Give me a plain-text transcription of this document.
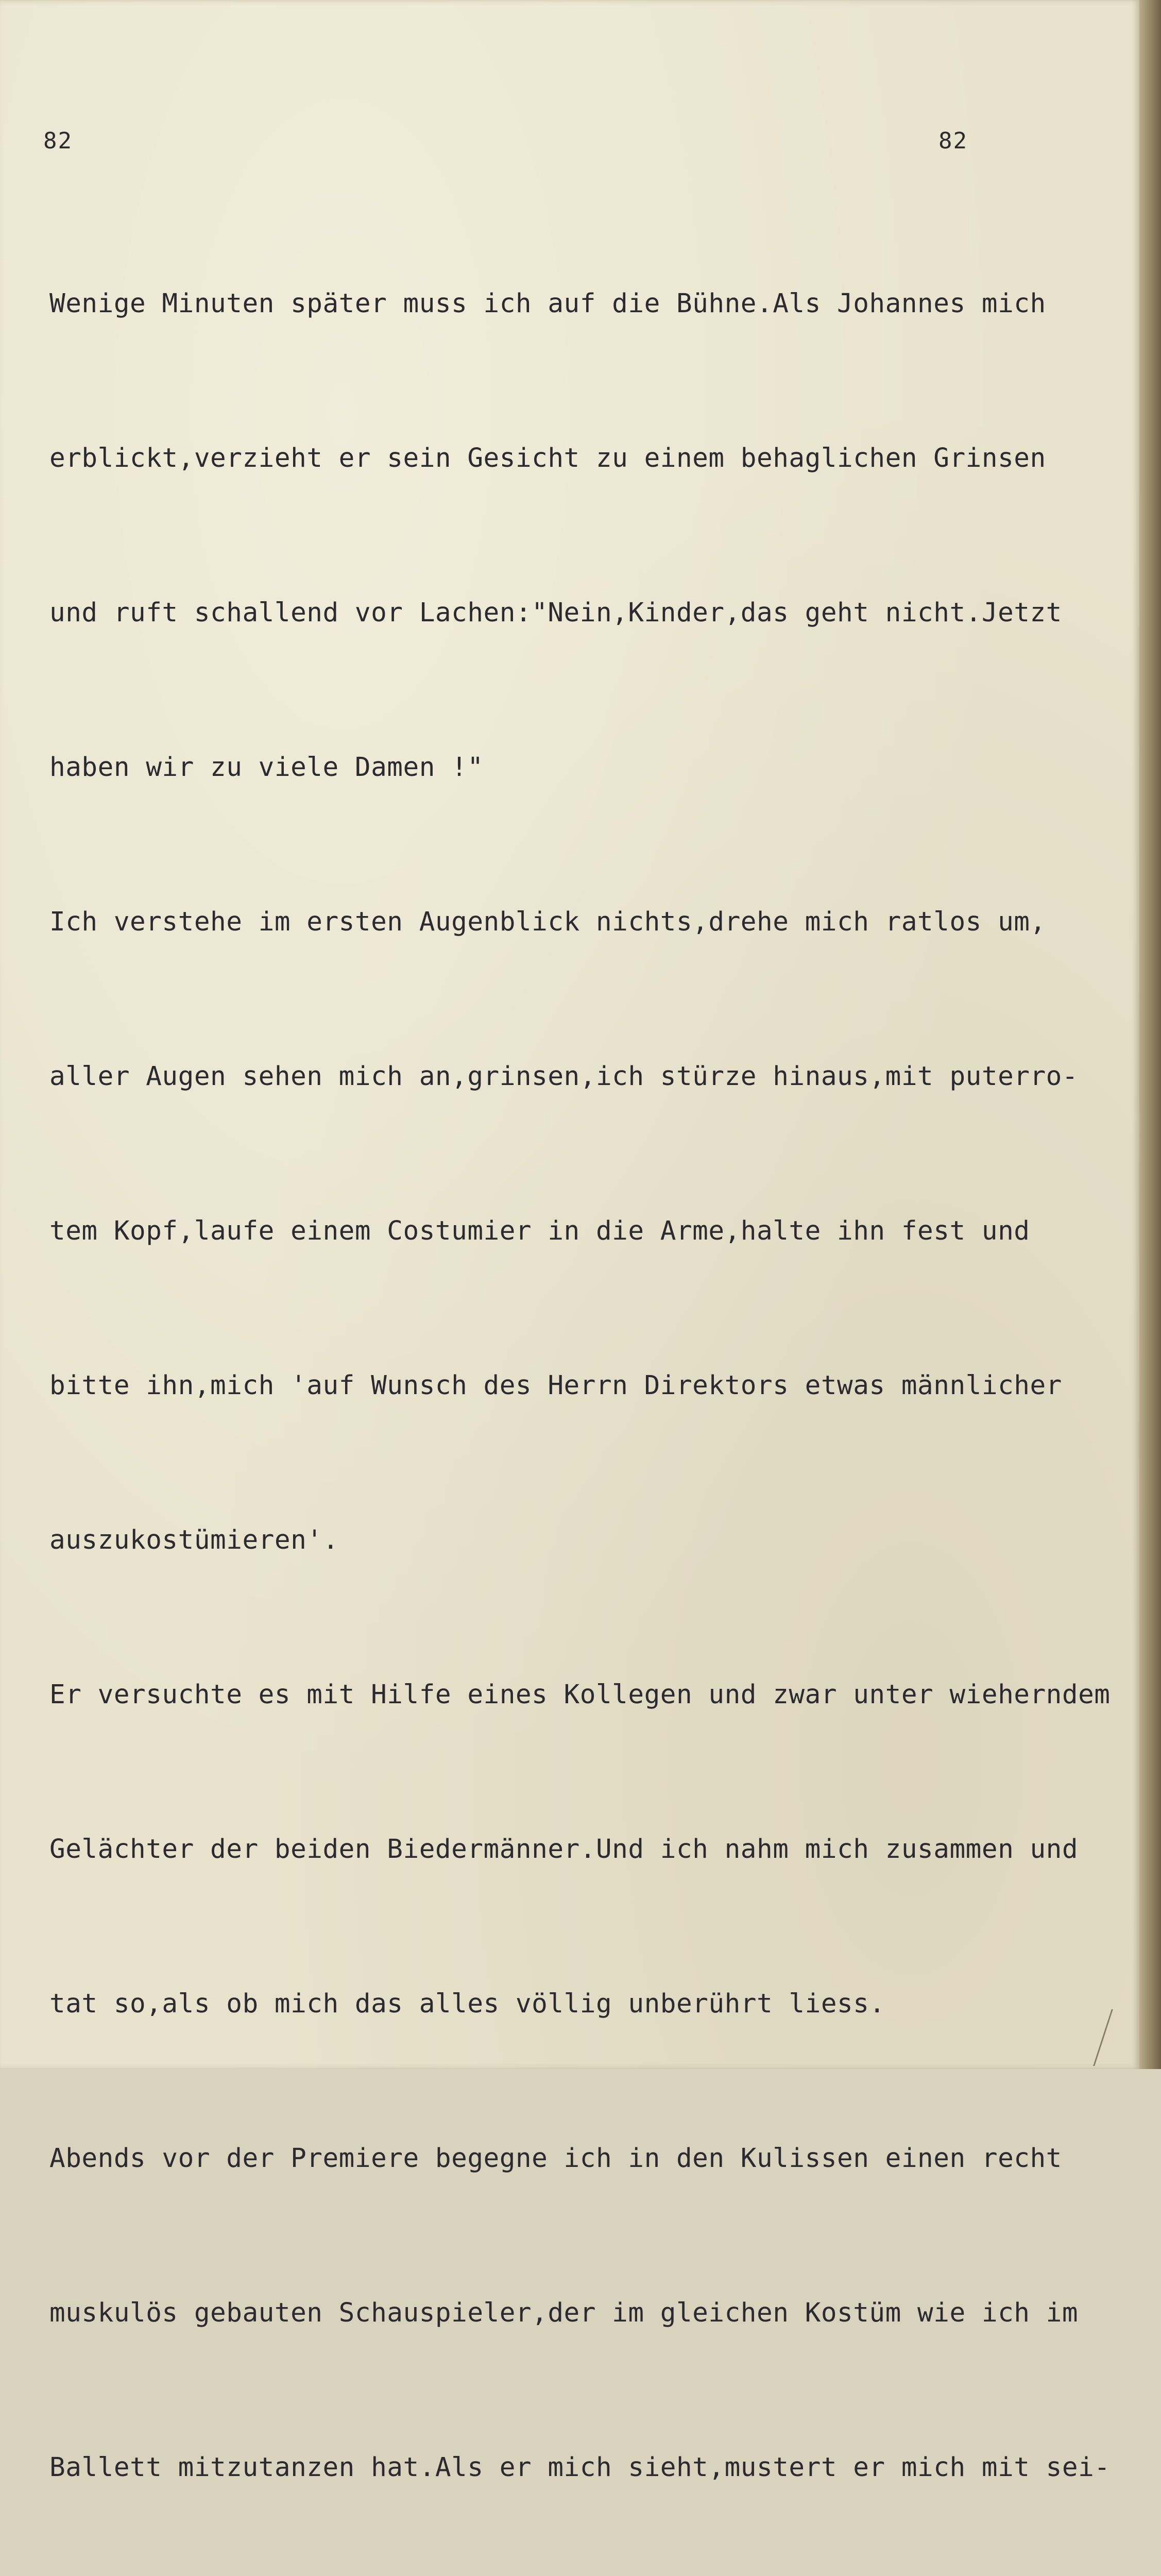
82	82

Wenige Minuten später muss ich auf die Bühne.Als Johannes mich

erblickt,verzieht er sein Gesicht zu einem behaglichen Grinsen

und ruft schallend vor Lachen:"Nein,Kinder,das geht nicht.Jetzt

haben wir zu viele Damen !"

Ich verstehe im ersten Augenblick nichts,drehe mich ratlos um,

aller Augen sehen mich an,grinsen,ich stürze hinaus,mit puterro-

tem Kopf,laufe einem Costumier in die Arme,halte ihn fest und

bitte ihn,mich 'auf Wunsch des Herrn Direktors etwas männlicher

auszukostümieren'.

Er versuchte es mit Hilfe eines Kollegen und zwar unter wieherndem

Gelächter der beiden Biedermänner.Und ich nahm mich zusammen und

tat so,als ob mich das alles völlig unberührt liess.

Abends vor der Premiere begegne ich in den Kulissen einen recht

muskulös gebauten Schauspieler,der im gleichen Kostüm wie ich im

Ballett mitzutanzen hat.Als er mich sieht,mustert er mich mit sei-
